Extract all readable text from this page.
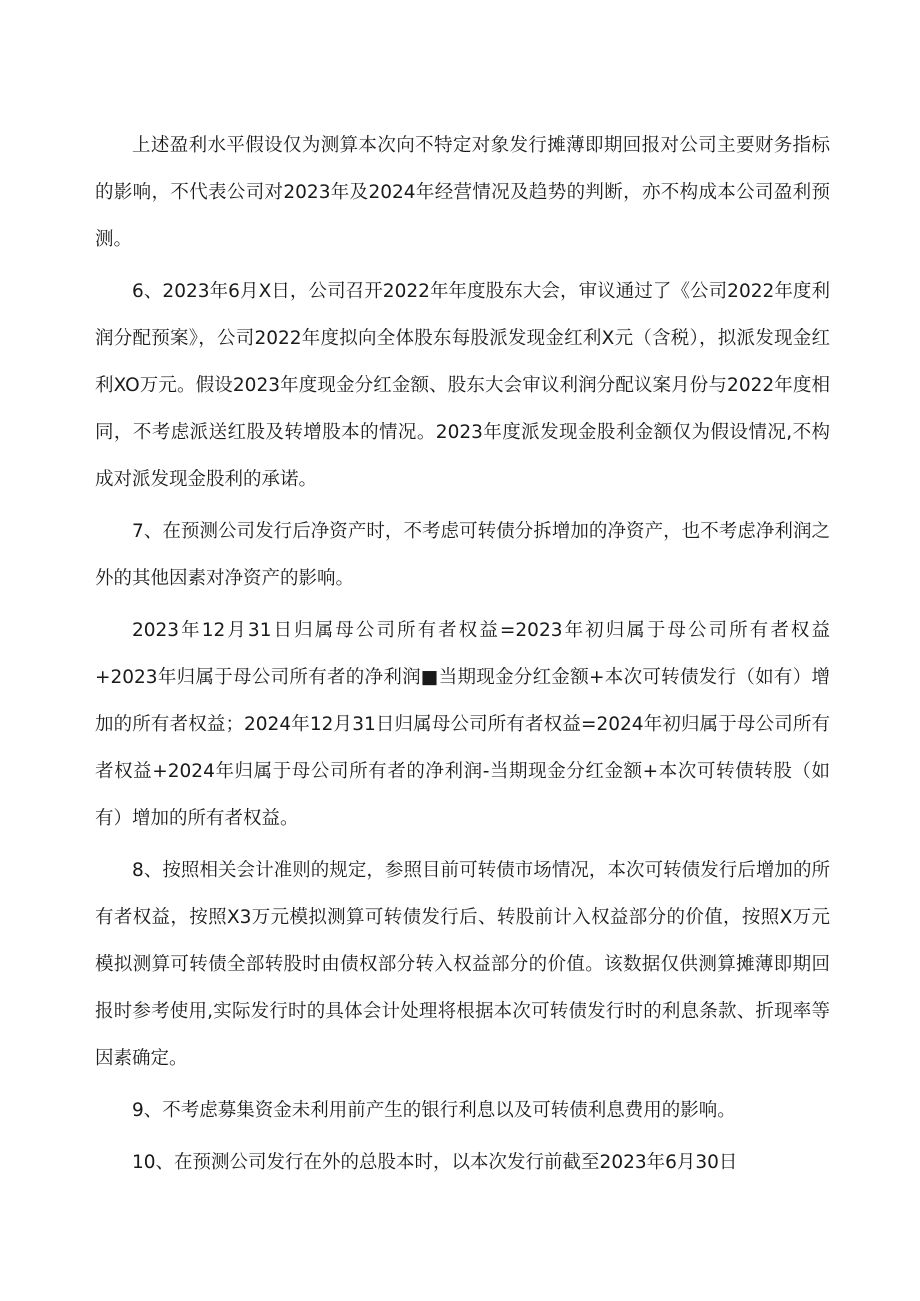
上述盈利水平假设仅为测算本次向不特定对象发行摊薄即期回报对公司主要财务指标的影响，不代表公司对2023年及2024年经营情况及趋势的判断，亦不构成本公司盈利预测。

6、2023年6月X日，公司召开2022年年度股东大会，审议通过了《公司2022年度利润分配预案》，公司2022年度拟向全体股东每股派发现金红利X元（含税），拟派发现金红利XO万元。假设2023年度现金分红金额、股东大会审议利润分配议案月份与2022年度相同，不考虑派送红股及转增股本的情况。2023年度派发现金股利金额仅为假设情况,不构成对派发现金股利的承诺。

7、在预测公司发行后净资产时，不考虑可转债分拆增加的净资产，也不考虑净利润之外的其他因素对净资产的影响。

2023年12月31日归属母公司所有者权益=2023年初归属于母公司所有者权益+2023年归属于母公司所有者的净利润■当期现金分红金额+本次可转债发行（如有）增加的所有者权益；2024年12月31日归属母公司所有者权益=2024年初归属于母公司所有者权益+2024年归属于母公司所有者的净利润-当期现金分红金额+本次可转债转股（如有）增加的所有者权益。

8、按照相关会计准则的规定，参照目前可转债市场情况，本次可转债发行后增加的所有者权益，按照X3万元模拟测算可转债发行后、转股前计入权益部分的价值，按照X万元模拟测算可转债全部转股时由债权部分转入权益部分的价值。该数据仅供测算摊薄即期回报时参考使用,实际发行时的具体会计处理将根据本次可转债发行时的利息条款、折现率等因素确定。

9、不考虑募集资金未利用前产生的银行利息以及可转债利息费用的影响。

10、在预测公司发行在外的总股本时，以本次发行前截至2023年6月30日
